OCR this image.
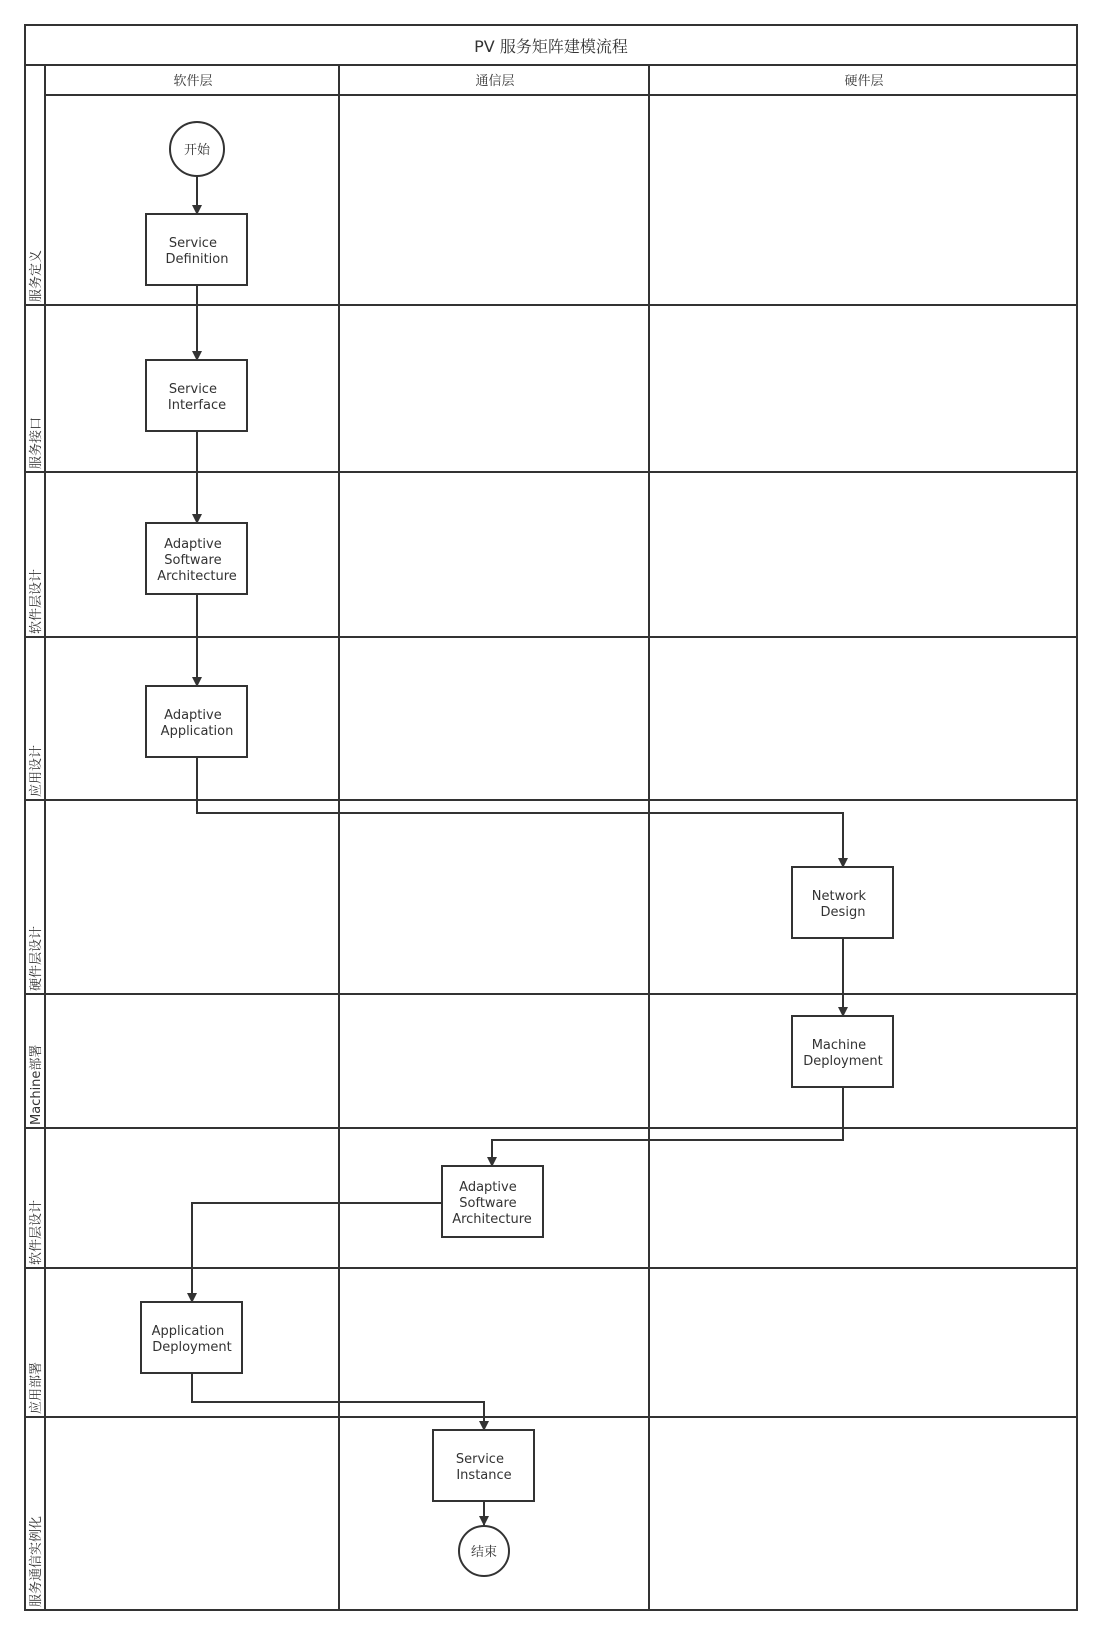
PV 服务矩阵建模流程
软件层	通信层	硬件层
服务定义
服务接口
软件层设计
应用设计
硬件层设计
Machine部署
软件层设计
应用部署
服务通信实例化
开始
Service Definition
Service Interface
Adaptive Software Architecture
Adaptive Application
Network Design
Machine Deployment
Adaptive Software Architecture
Application Deployment
Service Instance
结束
